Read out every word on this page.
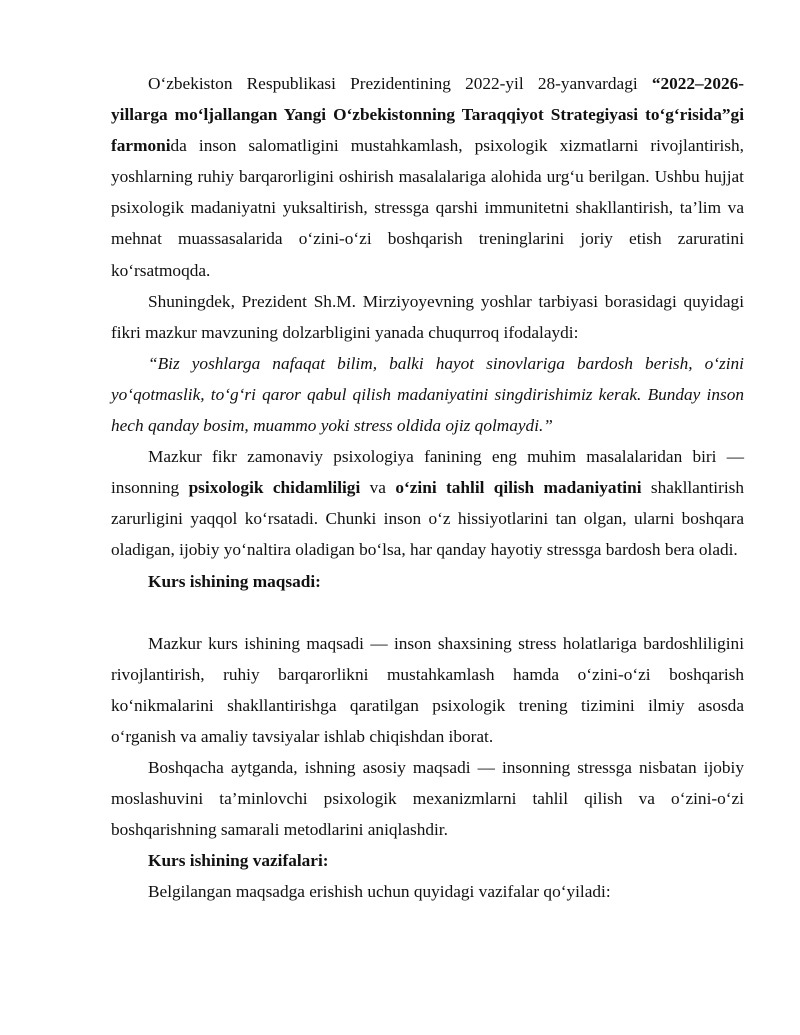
O‘zbekiston Respublikasi Prezidentining 2022-yil 28-yanvardagi “2022–2026-yillarga mo‘ljallangan Yangi O‘zbekistonning Taraqqiyot Strategiyasi to‘g‘risida”gi farmonida inson salomatligini mustahkamlash, psixologik xizmatlarni rivojlantirish, yoshlarning ruhiy barqarorligini oshirish masalalariga alohida urg‘u berilgan. Ushbu hujjat psixologik madaniyatni yuksaltirish, stressga qarshi immunitetni shakllantirish, ta’lim va mehnat muassasalarida o‘zini-o‘zi boshqarish treninglarini joriy etish zaruratini ko‘rsatmoqda.

Shuningdek, Prezident Sh.M. Mirziyoyevning yoshlar tarbiyasi borasidagi quyidagi fikri mazkur mavzuning dolzarbligini yanada chuqurroq ifodalaydi:

“Biz yoshlarga nafaqat bilim, balki hayot sinovlariga bardosh berish, o‘zini yo‘qotmaslik, to‘g‘ri qaror qabul qilish madaniyatini singdirishimiz kerak. Bunday inson hech qanday bosim, muammo yoki stress oldida ojiz qolmaydi.”

Mazkur fikr zamonaviy psixologiya fanining eng muhim masalalaridan biri — insonning psixologik chidamliligi va o‘zini tahlil qilish madaniyatini shakllantirish zarurligini yaqqol ko‘rsatadi. Chunki inson o‘z hissiyotlarini tan olgan, ularni boshqara oladigan, ijobiy yo‘naltira oladigan bo‘lsa, har qanday hayotiy stressga bardosh bera oladi.

Kurs ishining maqsadi:

Mazkur kurs ishining maqsadi — inson shaxsining stress holatlariga bardoshliligini rivojlantirish, ruhiy barqarorlikni mustahkamlash hamda o‘zini-o‘zi boshqarish ko‘nikmalarini shakllantirishga qaratilgan psixologik trening tizimini ilmiy asosda o‘rganish va amaliy tavsiyalar ishlab chiqishdan iborat.

Boshqacha aytganda, ishning asosiy maqsadi — insonning stressga nisbatan ijobiy moslashuvini ta’minlovchi psixologik mexanizmlarni tahlil qilish va o‘zini-o‘zi boshqarishning samarali metodlarini aniqlashdir.

Kurs ishining vazifalari:

Belgilangan maqsadga erishish uchun quyidagi vazifalar qo‘yiladi:
